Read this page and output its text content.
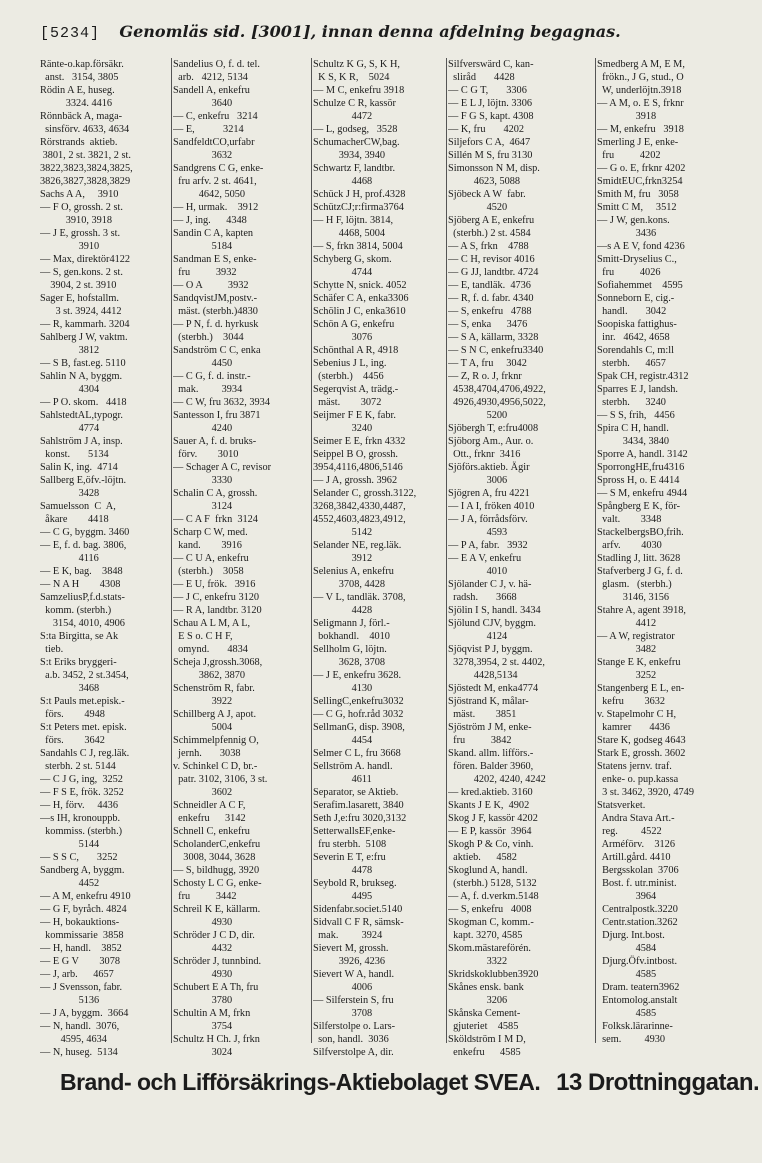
[5234] Genomläs sid. [3001], innan denna afdelning begagnas.
Ränte-o.kap.försäkr.
anst.   3154, 3805
Rödin A E, huseg.
3324. 4416
Rönnbäck A, maga-
sinsförv. 4633, 4634
Rörstrands  aktieb.
3801, 2 st. 3821, 2 st.
3822,3823,3824,3825,
3826,3827,3828,3829
Sachs A A,     3910
— F O, grossh. 2 st.
3910, 3918
— J E, grossh. 3 st.
3910
— Max, direktör4122
— S, gen.kons. 2 st.
3904, 2 st. 3910
Sager E, hofstallm.
3 st. 3924, 4412
— R, kammarh. 3204
Sahlberg J W, vaktm.
3812
— S B, fast.eg. 5110
Sahlin N A, byggm.
4304
— P O. skom.   4418
SahlstedtAL,typogr.
4774
Sahlström J A, insp.
konst.       5134
Salin K, ing.  4714
Sallberg E,öfv.-löjtn.
3428
Samuelsson  C  A,
åkare        4418
— C G, byggm. 3460
— E, f. d. bag. 3806,
4116
— E K, bag.    3848
— N A H        4308
SamzeliusP,f.d.stats-
komm. (sterbh.)
3154, 4010, 4906
S:ta Birgitta, se Ak
tieb.
S:t Eriks bryggeri-
a.b. 3452, 2 st.3454,
3468
S:t Pauls met.episk.-
förs.        4948
S:t Peters met. episk.
förs.        3642
Sandahls C J, reg.läk.
sterbh. 2 st. 5144
— C J G, ing,  3252
— F S E, frök. 3252
— H, förv.     4436
—s IH, kronouppb.
kommiss. (sterbh.)
5144
— S S C,       3252
Sandberg A, byggm.
4452
— A M, enkefru 4910
— G F, byråch. 4824
— H, bokauktions-
kommissarie  3858
— H, handl.    3852
— E G V        3078
— J, arb.      4657
— J Svensson, fabr.
5136
— J A, byggm.  3664
— N, handl.  3076,
4595, 4634
— N, huseg.  5134
Sandelius O, f. d. tel.
arb.   4212, 5134
Sandell A, enkefru
3640
— C, enkefru   3214
— E,           3214
SandfeldtCO,urfabr
3632
Sandgrens C G, enke-
fru arfv. 2 st. 4641,
4642, 5050
— H, urmak.    3912
— J, ing.      4348
Sandin C A, kapten
5184
Sandman E S, enke-
fru          3932
— O A          3932
SandqvistJM,postv.-
mäst. (sterbh.)4830
— P N, f. d. hyrkusk
(sterbh.)    3044
Sandström C C, enka
4450
— C G, f. d. instr.-
mak.         3934
— C W, fru 3632, 3934
Santesson I, fru 3871
4240
Sauer A, f. d. bruks-
förv.        3010
— Schager A C, revisor
3330
Schalin C A, grossh.
3124
— C A F  frkn  3124
Scharp C W, med.
kand.        3916
— C U A, enkefru
(sterbh.)    3058
— E U, frök.   3916
— J C, enkefru 3120
— R A, landtbr. 3120
Schau A L M, A L,
E S o. C H F,
omynd.       4834
Scheja J,grossh.3068,
3862, 3870
Schenström R, fabr.
3922
Schillberg A J, apot.
5004
Schimmelpfennig O,
jernh.       3038
v. Schinkel C D, br.-
patr. 3102, 3106, 3 st.
3602
Schneidler A C F,
enkefru      3142
Schnell C, enkefru
ScholanderC,enkefru
3008, 3044, 3628
— S, bildhugg, 3920
Schosty L C G, enke-
fru          3442
Schreil K E, källarm.
4930
Schröder J C D, dir.
4432
Schröder J, tunnbind.
4930
Schubert E A Th, fru
3780
Schultin A M, frkn
3754
Schultz H Ch. J, frkn
3024
Schultz K G, S, K H,
K S, K R,    5024
— M C, enkefru 3918
Schulze C R, kassör
4472
— L, godseg,   3528
SchumacherCW,bag.
3934, 3940
Schwartz F, landtbr.
4468
Schück J H, prof.4328
SchützCJ;r:firma3764
— H F, löjtn. 3814,
4468, 5004
— S, frkn 3814, 5004
Schyberg G, skom.
4744
Schytte N, snick. 4052
Schäfer C A, enka3306
Schölin J C, enka3610
Schön A G, enkefru
3076
Schönthal A R, 4918
Sebenius J L, ing.
(sterbh.)    4456
Segerqvist A, trädg.-
mäst.        3072
Seijmer F E K, fabr.
3240
Seimer E E, frkn 4332
Seippel B O, grossh.
3954,4116,4806,5146
— J A, grossh. 3962
Selander C, grossh.3122,
3268,3842,4330,4487,
4552,4603,4823,4912,
5142
Selander NE, reg.läk.
3912
Selenius A, enkefru
3708, 4428
— V L, tandläk. 3708,
4428
Seligmann J, förl.-
bokhandl.    4010
Sellholm G, löjtn.
3628, 3708
— J E, enkefru 3628.
4130
SellingC,enkefru3032
— C G, hofr.råd 3032
SellmanG, disp. 3908,
4454
Selmer C L, fru 3668
Sellström A. handl.
4611
Separator, se Aktieb.
Serafim.lasarett, 3840
Seth J,e:fru 3020,3132
SetterwallsEF,enke-
fru sterbh.  5108
Severin E T, e:fru
4478
Seybold R, brukseg.
4495
Sidenfabr.societ.5140
Sidvall C F R, sämsk-
mak.         3924
Sievert M, grossh.
3926, 4236
Sievert W A, handl.
4006
— Silferstein S, fru
3708
Silferstolpe o. Lars-
son, handl.  3036
Silfverstolpe A, dir.
Silfverswärd C, kan-
sliråd       4428
— C G T,       3306
— E L J, löjtn. 3306
— F G S, kapt. 4308
— K, fru       4202
Siljefors C A,  4647
Sillén M S, fru 3130
Simonsson N M, disp.
4623, 5088
Sjöbeck A W  fabr.
4520
Sjöberg A E, enkefru
(sterbh.) 2 st. 4584
— A S, frkn    4788
— C H, revisor 4016
— G JJ, landtbr. 4724
— E, tandläk.  4736
— R, f. d. fabr. 4340
— S, enkefru   4788
— S, enka      3476
— S A, källarm, 3328
— S N C, enkefru3340
— T A, fru     3042
— Z, R o. J, frknr
4538,4704,4706,4922,
4926,4930,4956,5022,
5200
Sjöbergh T, e:fru4008
Sjöborg Am., Aur. o.
Ott., frknr  3416
Sjöförs.aktieb. Ägir
3006
Sjögren A, fru 4221
— I A I, fröken 4010
— J A, förrådsförv.
4593
— P A, fabr.   3932
— E A V, enkefru
4010
Sjölander C J, v. hä-
radsh.       3668
Sjölin I S, handl. 3434
Sjölund CJV, byggm.
4124
Sjöqvist P J, byggm.
3278,3954, 2 st. 4402,
4428,5134
Sjöstedt M, enka4774
Sjöstrand K, målar-
mäst.        3851
Sjöström J M, enke-
fru          3842
Skand. allm. lifförs.-
fören. Balder 3960,
4202, 4240, 4242
— kred.aktieb. 3160
Skants J E K,  4902
Skog J F, kassör 4202
— E P, kassör  3964
Skogh P & Co, vinh.
aktieb.      4582
Skoglund A, handl.
(sterbh.) 5128, 5132
— A, f. d.verkm.5148
— S, enkefru   4008
Skogman C, komm.-
kapt. 3270, 4585
Skom.mästareförén.
3322
Skridskoklubben3920
Skånes ensk. bank
3206
Skånska Cement-
gjuteriet    4585
Sköldström I M D,
enkefru      4585
Smedberg A M, E M,
frökn., J G, stud., O
W, underlöjtn.3918
— A M, o. E S, frknr
3918
— M, enkefru   3918
Smerling J E, enke-
fru          4202
— G o. E, frknr 4202
SmidtEUC,frkn3254
Smith M, fru   3058
Smitt C M,     3512
— J W, gen.kons.
3436
—s A E V, fond 4236
Smitt-Dryselius C.,
fru          4026
Sofiahemmet    4595
Sonneborn E, cig.-
handl.       3042
Soopiska fattighus-
inr.   4642, 4658
Sorendahls C, m:ll
sterbh.      4657
Spak CH, registr.4312
Sparres E J, landsh.
sterbh.      3240
— S S, frih,   4456
Spira C H, handl.
3434, 3840
Sporre A, handl. 3142
SporrongHE,fru4316
Spross H, o. E 4414
— S M, enkefru 4944
Spångberg E K, för-
valt.        3348
StackelbergsBO,frih.
arfv.        4030
Stadling J, litt. 3628
Stafverberg J G, f. d.
glasm.   (sterbh.)
3146, 3156
Stahre A, agent 3918,
4412
— A W, registrator
3482
Stange E K, enkefru
3252
Stangenberg E L, en-
kefru        3632
v. Stapelmohr C H,
kamrer       4436
Stare K, godseg 4643
Stark E, grossh. 3602
Statens jernv. traf.
enke- o. pup.kassa
3 st. 3462, 3920, 4749
Statsverket.
Andra Stava Art.-
reg.         4522
Arméförv.    3126
Artill.gård. 4410
Bergsskolan  3706
Bost. f. utr.minist.
3964
Centralpostk.3220
Centr.station.3262
Djurg. Int.bost.
4584
Djurg.Öfv.intbost.
4585
Dram. teatern3962
Entomolog.anstalt
4585
Folksk.lärarinne-
sem.         4930
Brand- och Lifförsäkrings-Aktiebolaget SVEA. 13 Drottninggatan.
